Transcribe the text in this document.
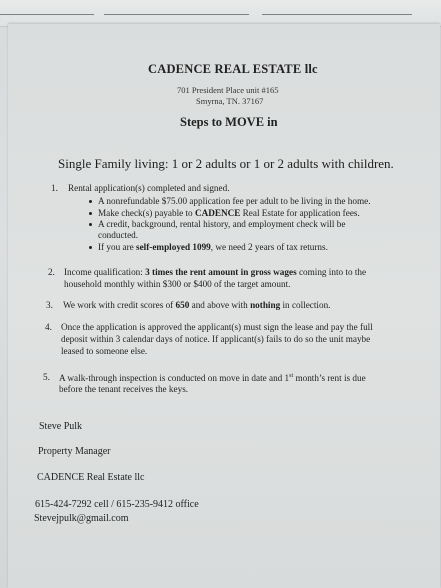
CADENCE REAL ESTATE llc
701 President Place unit #165
Smyrna, TN. 37167
Steps to MOVE in
Single Family living: 1 or 2 adults or 1 or 2 adults with children.
1. Rental application(s) completed and signed.
A nonrefundable $75.00 application fee per adult to be living in the home.
Make check(s) payable to CADENCE Real Estate for application fees.
A credit, background, rental history, and employment check will be
conducted.
If you are self-employed 1099, we need 2 years of tax returns.
2. Income qualification: 3 times the rent amount in gross wages coming into to the
household monthly within $300 or $400 of the target amount.
3. We work with credit scores of 650 and above with nothing in collection.
4. Once the application is approved the applicant(s) must sign the lease and pay the full
deposit within 3 calendar days of notice. If applicant(s) fails to do so the unit maybe
leased to someone else.
5. A walk-through inspection is conducted on move in date and 1st month’s rent is due
before the tenant receives the keys.
Steve Pulk
Property Manager
CADENCE Real Estate llc
615-424-7292 cell / 615-235-9412 office
Stevejpulk@gmail.com
